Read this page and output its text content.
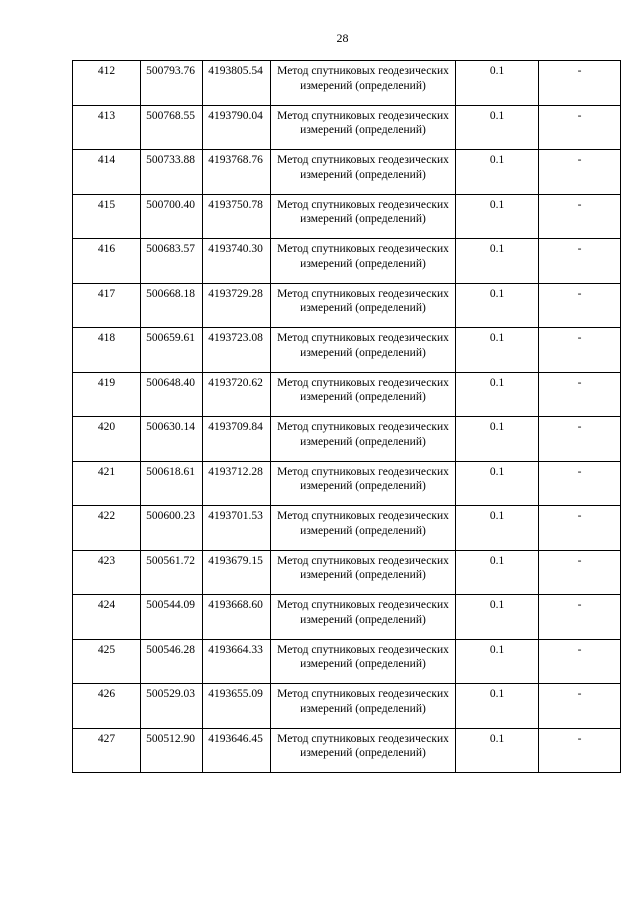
28
412	500793.76	4193805.54	Метод спутниковых геодезических измерений (определений)	0.1	-
413	500768.55	4193790.04	Метод спутниковых геодезических измерений (определений)	0.1	-
414	500733.88	4193768.76	Метод спутниковых геодезических измерений (определений)	0.1	-
415	500700.40	4193750.78	Метод спутниковых геодезических измерений (определений)	0.1	-
416	500683.57	4193740.30	Метод спутниковых геодезических измерений (определений)	0.1	-
417	500668.18	4193729.28	Метод спутниковых геодезических измерений (определений)	0.1	-
418	500659.61	4193723.08	Метод спутниковых геодезических измерений (определений)	0.1	-
419	500648.40	4193720.62	Метод спутниковых геодезических измерений (определений)	0.1	-
420	500630.14	4193709.84	Метод спутниковых геодезических измерений (определений)	0.1	-
421	500618.61	4193712.28	Метод спутниковых геодезических измерений (определений)	0.1	-
422	500600.23	4193701.53	Метод спутниковых геодезических измерений (определений)	0.1	-
423	500561.72	4193679.15	Метод спутниковых геодезических измерений (определений)	0.1	-
424	500544.09	4193668.60	Метод спутниковых геодезических измерений (определений)	0.1	-
425	500546.28	4193664.33	Метод спутниковых геодезических измерений (определений)	0.1	-
426	500529.03	4193655.09	Метод спутниковых геодезических измерений (определений)	0.1	-
427	500512.90	4193646.45	Метод спутниковых геодезических измерений (определений)	0.1	-
